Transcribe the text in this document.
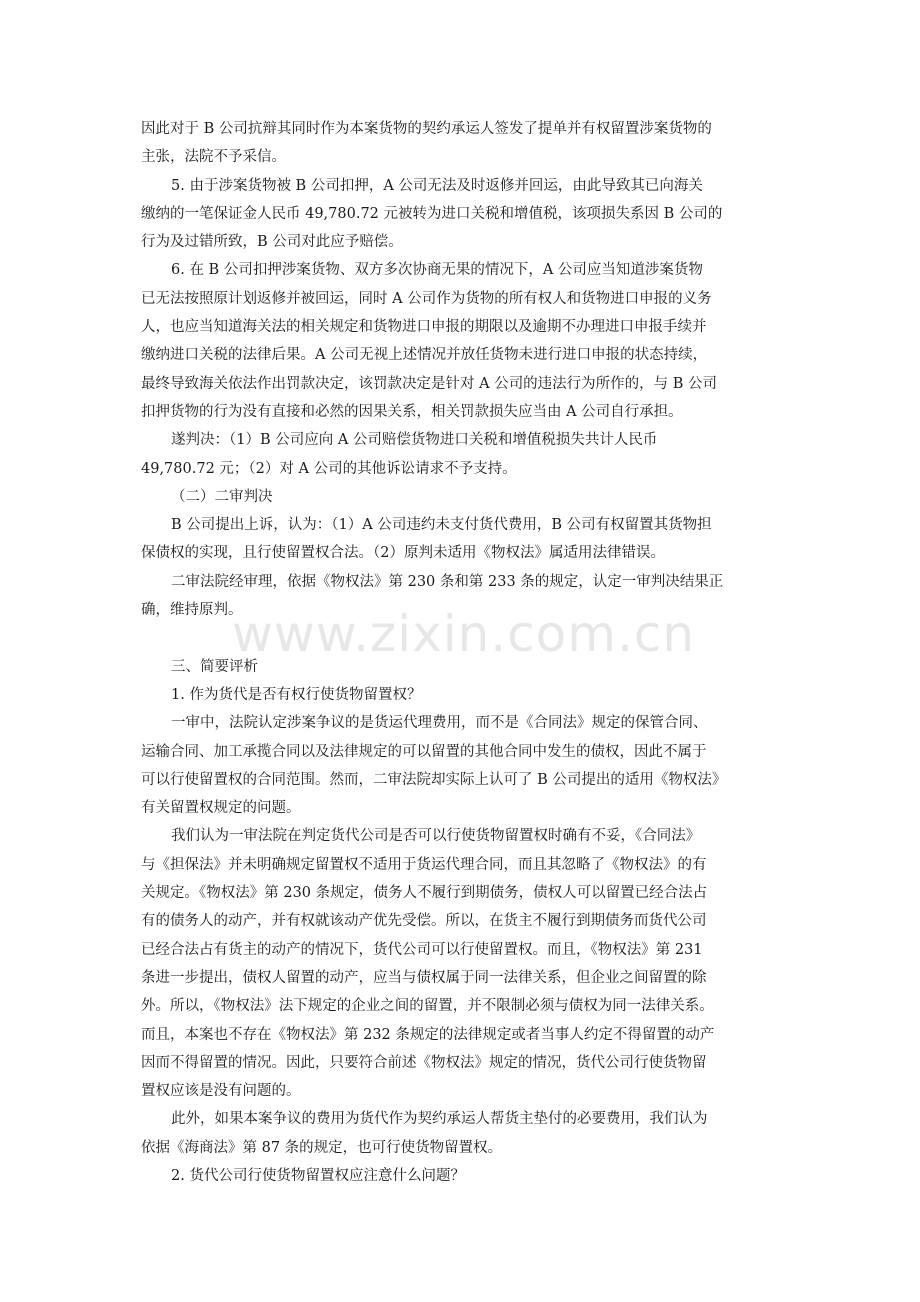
www.zixin.com.cn
因此对于 B 公司抗辩其同时作为本案货物的契约承运人签发了提单并有权留置涉案货物的
主张，法院不予采信。
5. 由于涉案货物被 B 公司扣押，A 公司无法及时返修并回运，由此导致其已向海关
缴纳的一笔保证金人民币 49,780.72 元被转为进口关税和增值税，该项损失系因 B 公司的
行为及过错所致，B 公司对此应予赔偿。
6. 在 B 公司扣押涉案货物、双方多次协商无果的情况下，A 公司应当知道涉案货物
已无法按照原计划返修并被回运，同时 A 公司作为货物的所有权人和货物进口申报的义务
人，也应当知道海关法的相关规定和货物进口申报的期限以及逾期不办理进口申报手续并
缴纳进口关税的法律后果。A 公司无视上述情况并放任货物未进行进口申报的状态持续，
最终导致海关依法作出罚款决定，该罚款决定是针对 A 公司的违法行为所作的，与 B 公司
扣押货物的行为没有直接和必然的因果关系，相关罚款损失应当由 A 公司自行承担。
遂判决：（1）B 公司应向 A 公司赔偿货物进口关税和增值税损失共计人民币
49,780.72 元；（2）对 A 公司的其他诉讼请求不予支持。
（二）二审判决
B 公司提出上诉，认为：（1）A 公司违约未支付货代费用，B 公司有权留置其货物担
保债权的实现，且行使留置权合法。（2）原判未适用《物权法》属适用法律错误。
二审法院经审理，依据《物权法》第 230 条和第 233 条的规定，认定一审判决结果正
确，维持原判。
三、简要评析
1. 作为货代是否有权行使货物留置权？
一审中，法院认定涉案争议的是货运代理费用，而不是《合同法》规定的保管合同、
运输合同、加工承揽合同以及法律规定的可以留置的其他合同中发生的债权，因此不属于
可以行使留置权的合同范围。然而，二审法院却实际上认可了 B 公司提出的适用《物权法》
有关留置权规定的问题。
我们认为一审法院在判定货代公司是否可以行使货物留置权时确有不妥，《合同法》
与《担保法》并未明确规定留置权不适用于货运代理合同，而且其忽略了《物权法》的有
关规定。《物权法》第 230 条规定，债务人不履行到期债务，债权人可以留置已经合法占
有的债务人的动产，并有权就该动产优先受偿。所以，在货主不履行到期债务而货代公司
已经合法占有货主的动产的情况下，货代公司可以行使留置权。而且，《物权法》第 231
条进一步提出，债权人留置的动产，应当与债权属于同一法律关系，但企业之间留置的除
外。所以，《物权法》法下规定的企业之间的留置，并不限制必须与债权为同一法律关系。
而且，本案也不存在《物权法》第 232 条规定的法律规定或者当事人约定不得留置的动产
因而不得留置的情况。因此，只要符合前述《物权法》规定的情况，货代公司行使货物留
置权应该是没有问题的。
此外，如果本案争议的费用为货代作为契约承运人帮货主垫付的必要费用，我们认为
依据《海商法》第 87 条的规定，也可行使货物留置权。
2. 货代公司行使货物留置权应注意什么问题？
